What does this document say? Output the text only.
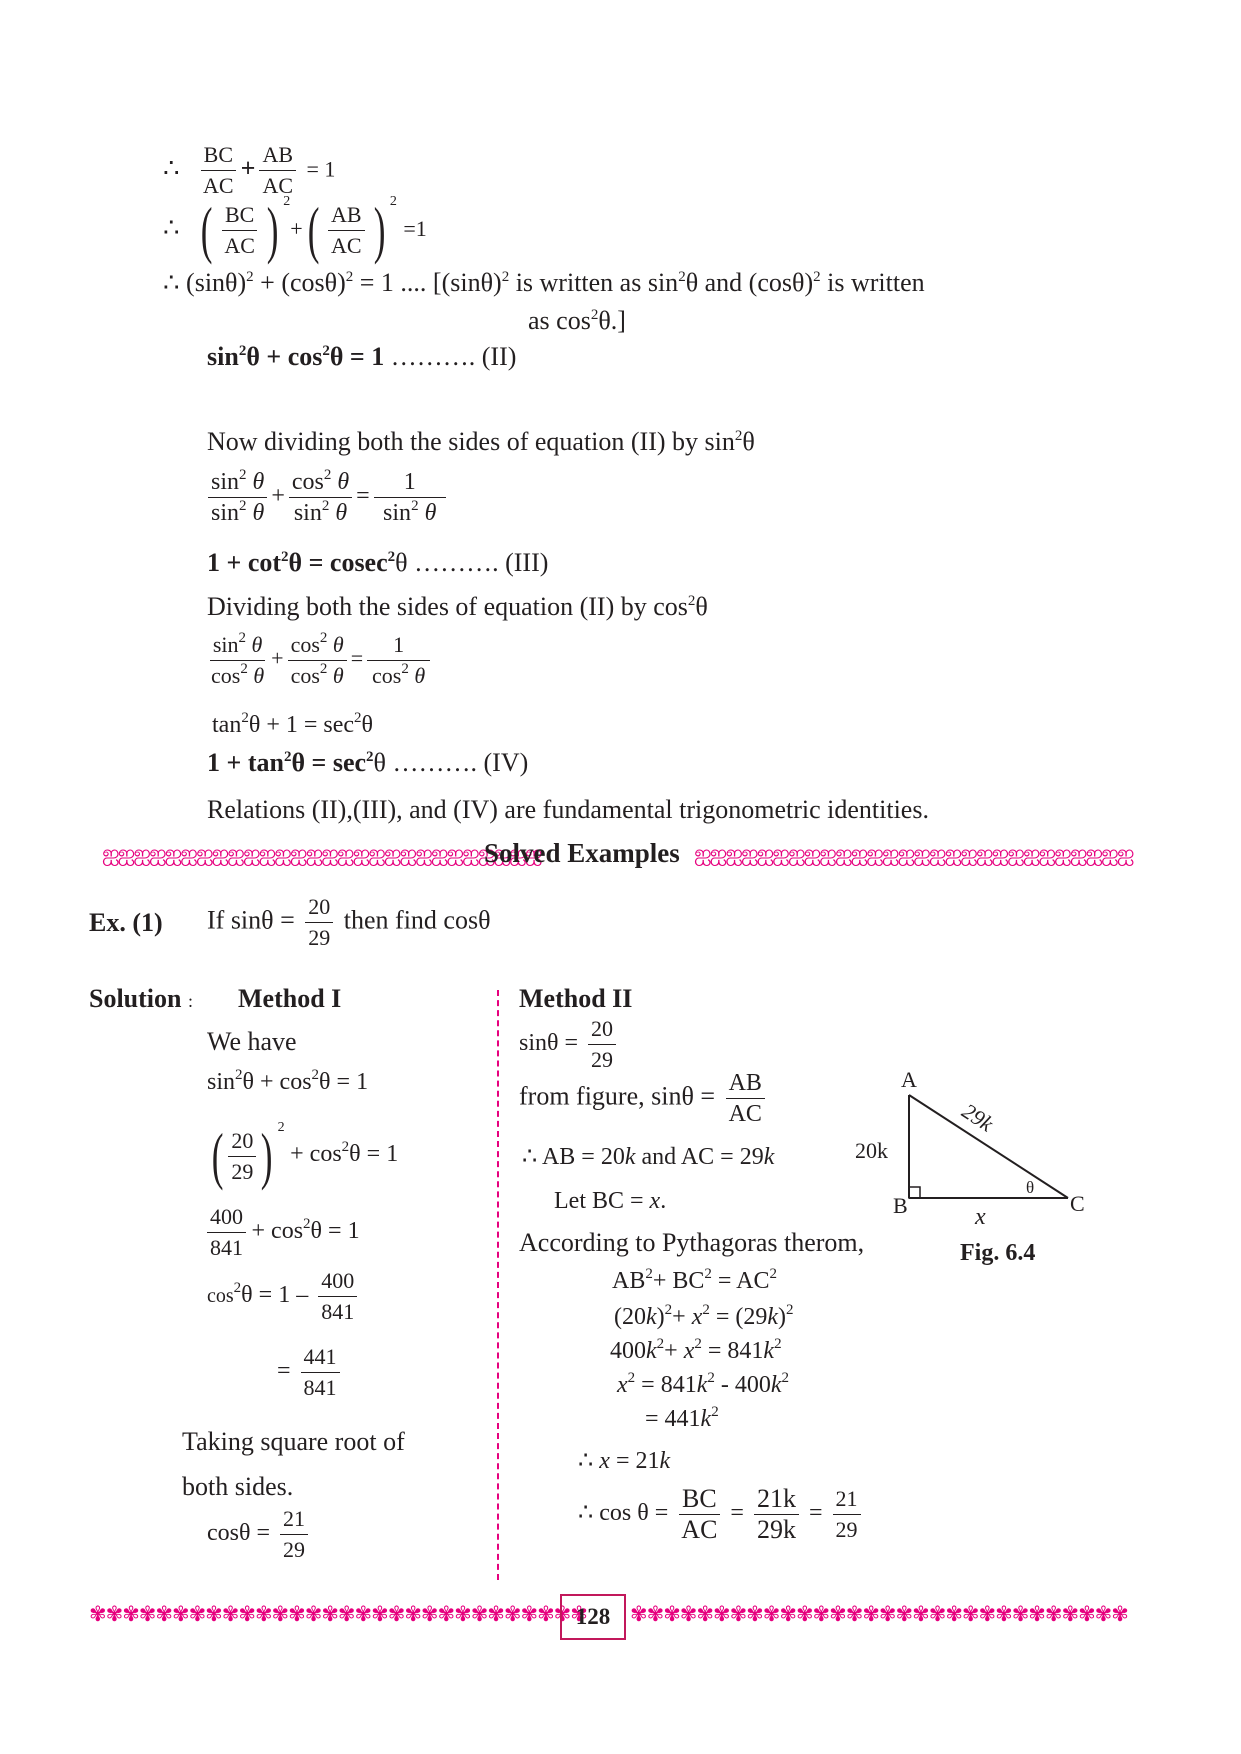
∴ $\frac{BC}{AC} + \frac{AB}{AC} = 1$
∴ ( $\frac{BC}{AC}$ ) 2
+ ( $\frac{AB}{AC}$ ) 2
=1
∴ $(\sin\theta)^2 + (\cos\theta)^2 = 1$ .... [$(\sin\theta)^2$ is written as $\sin^2\theta$ and $(\cos\theta)^2$ is written
as $\cos^2\theta$.]
$\sin^2\theta + \cos^2\theta = 1$ ………. (II)
Now dividing both the sides of equation (II) by $\sin^2\theta$
$\frac{\sin^2 \theta}{\sin^2 \theta} + \frac{\cos^2 \theta}{\sin^2 \theta} = \frac{1}{\sin^2 \theta}$
$1 + \cot^2\theta = cosec^2\theta$ ………. (III)
Dividing both the sides of equation (II) by $\cos^2\theta$
$\frac{\sin^2 \theta}{\cos^2 \theta} + \frac{\cos^2 \theta}{\cos^2 \theta} = \frac{1}{\cos^2 \theta}$
$\tan^2\theta + 1 = \sec^2\theta$
$1 + \tan^2\theta = \sec^2\theta$ ………. (IV)
Relations (II),(III), and (IV) are fundamental trigonometric identities.
ஐஐஐஐஐஐஐஐஐஐஐஐஐஐஐஐஐஐஐஐஐஐஐஐஐஐஐஐ
Solved Examples ஐஐஐஐஐஐஐஐஐஐஐஐஐஐஐஐஐஐஐஐஐஐஐஐஐஐஐஐ
Ex. (1) If $\sin\theta = \frac{20}{29}$ then find cosθ
Solution : Method I
We have
$\sin^2\theta + \cos^2\theta = 1$
( $\frac{20}{29}$ ) 2
+ $\cos^2\theta = 1$
$\frac{400}{841} + \cos^2\theta = 1$
$\cos^2\theta = 1 - \frac{400}{841}$
= $\frac{441}{841}$
Taking square root of
both sides.
$\cos\theta = \frac{21}{29}$
Method II
$\sin\theta = \frac{20}{29}$
from figure, $\sin\theta = \frac{AB}{AC}$
∴ AB = 20k and AC = 29k
Let BC = x.
According to Pythagoras therom,
$AB^2+ BC^2 = AC^2$
$(20k)^2+ x^2 = (29k)^2$
$400k^2+ x^2 = 841k^2$
$x^2 = 841k^2 - 400k^2$
= $441k^2$
∴ x = 21k
∴ $\cos \theta = \frac{BC}{AC} = \frac{21k}{29k} = \frac{21}{29}$
A
B	C
20k
29k
x
θ
Fig. 6.4
✾✾✾✾✾✾✾✾✾✾✾✾✾✾✾✾✾✾✾✾✾✾✾✾✾✾✾✾✾✾
128 ✾✾✾✾✾✾✾✾✾✾✾✾✾✾✾✾✾✾✾✾✾✾✾✾✾✾✾✾✾✾
